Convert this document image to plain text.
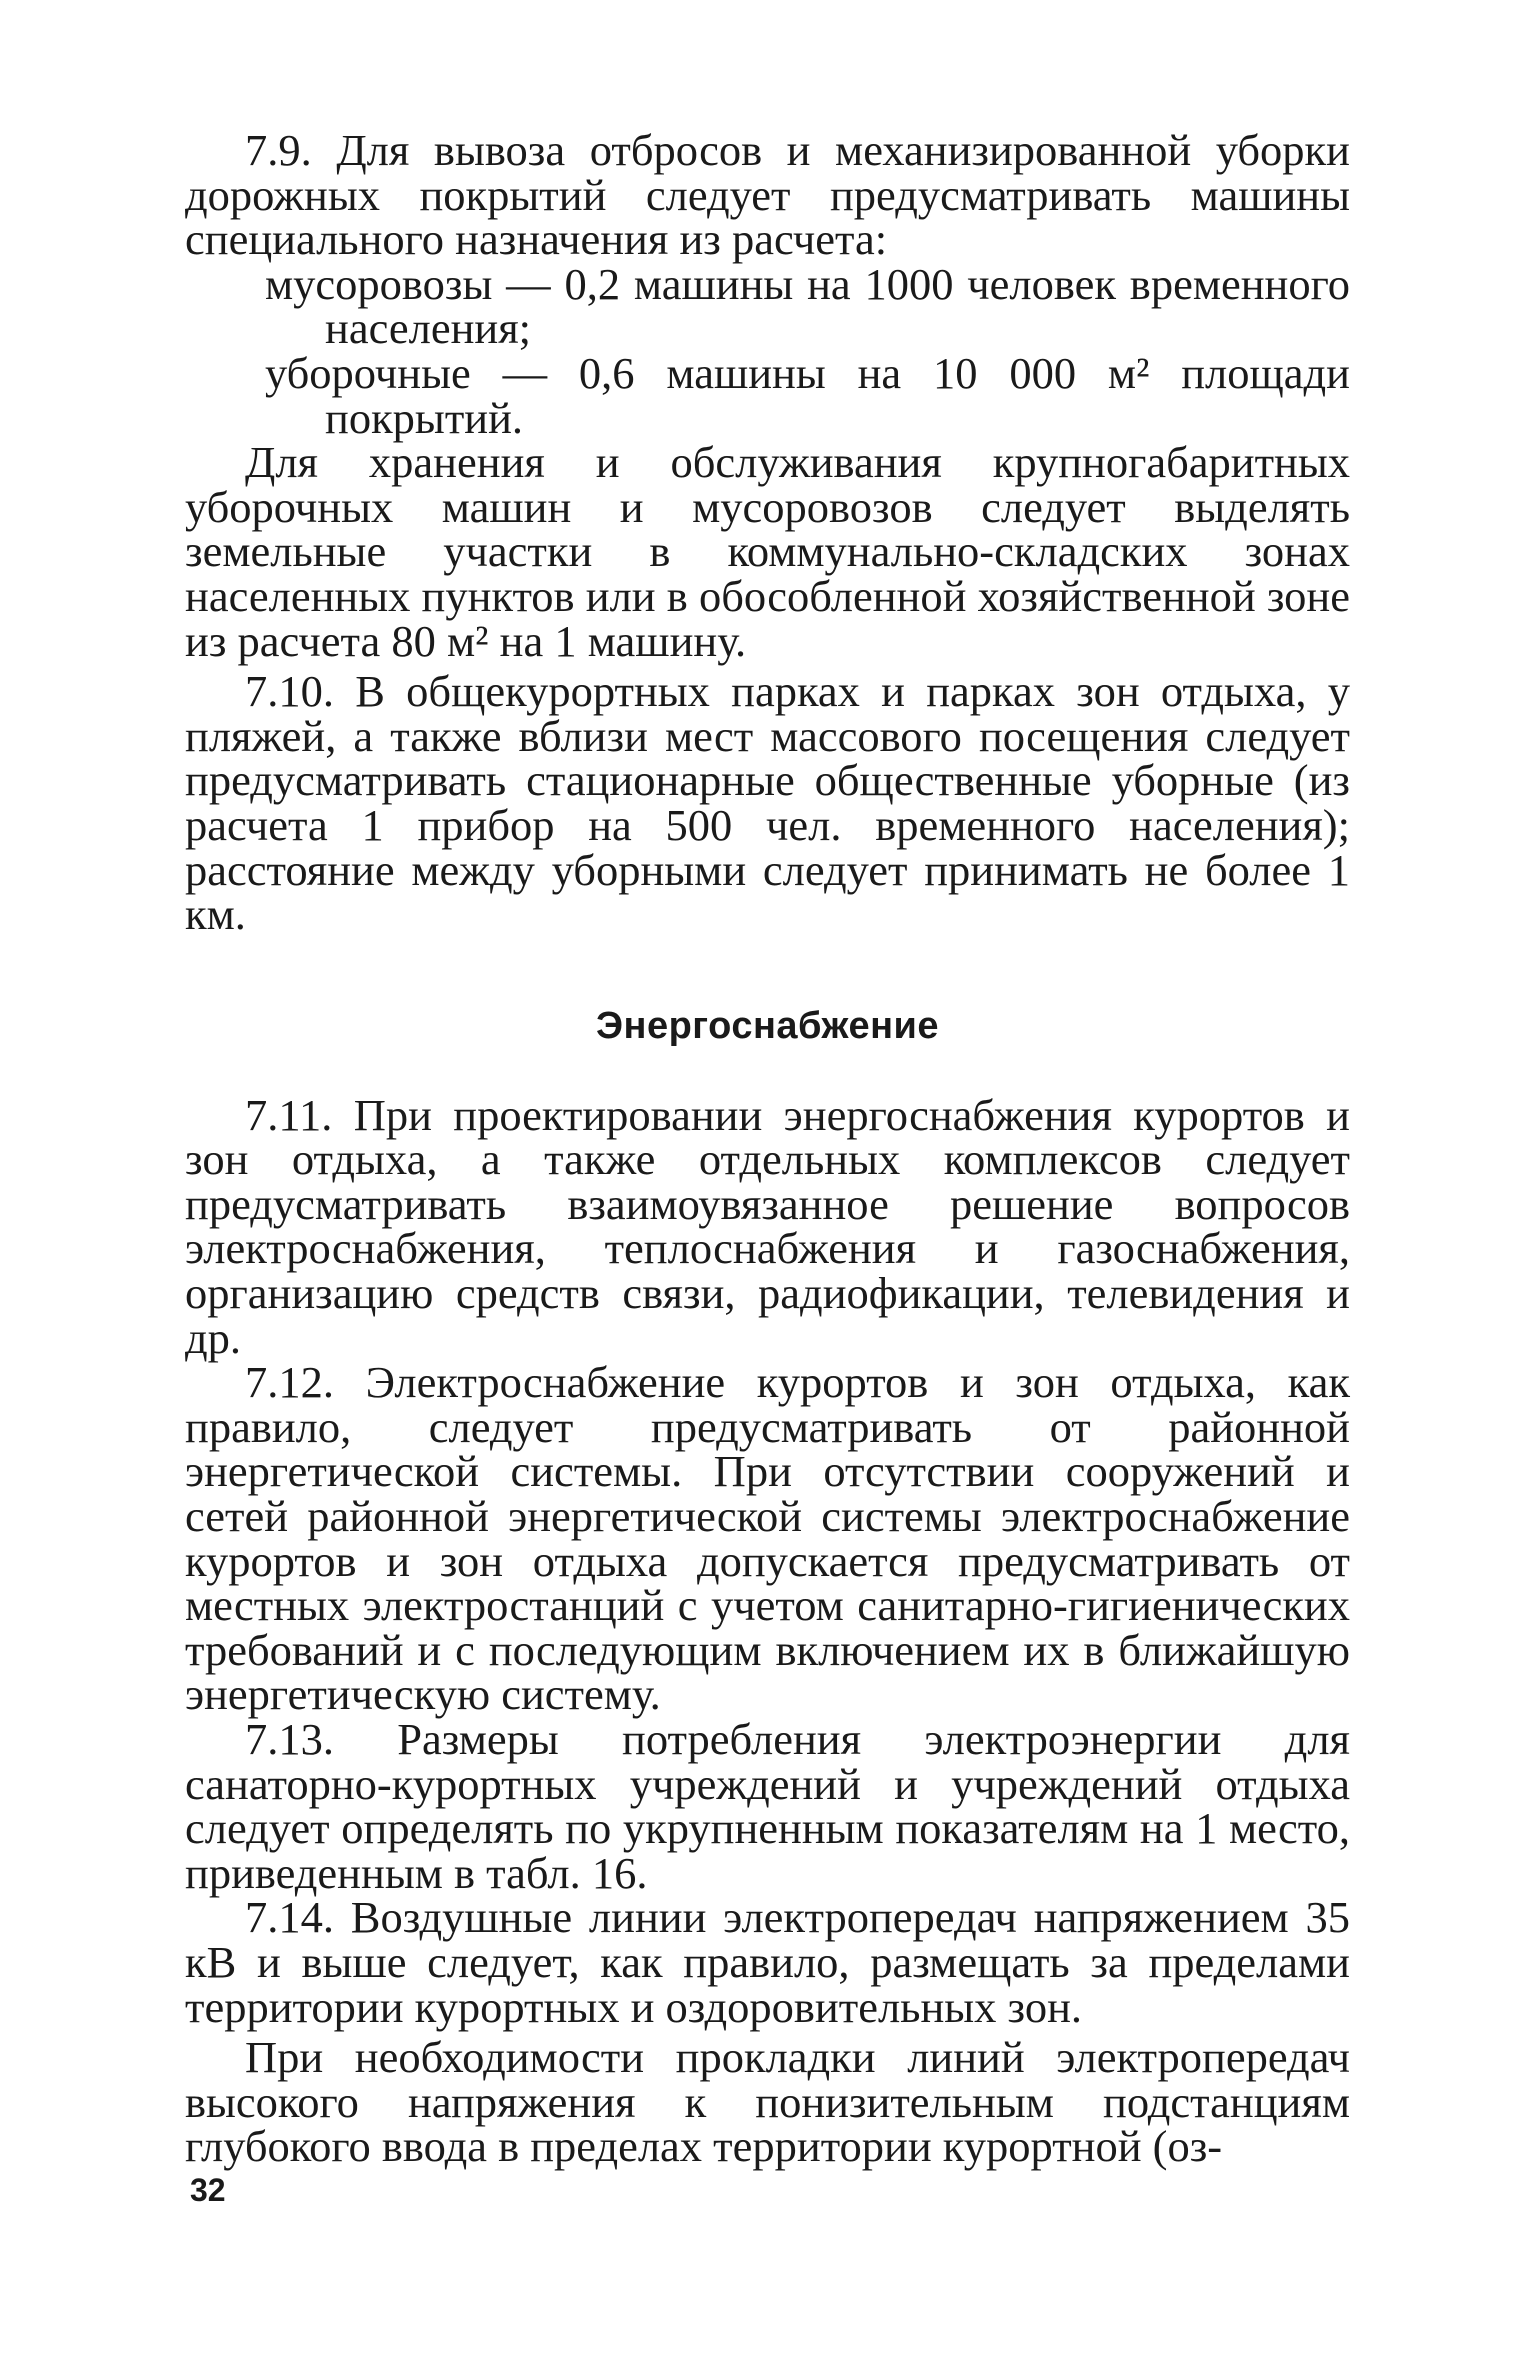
7.9. Для вывоза отбросов и механизированной уборки дорожных покрытий следует предусматривать машины специального назначения из расчета:

мусоровозы — 0,2 машины на 1000 человек временного населения;

уборочные — 0,6 машины на 10 000 м² площади покрытий.

Для хранения и обслуживания крупногабаритных уборочных машин и мусоровозов следует выделять земельные участки в коммунально-складских зонах населенных пунктов или в обособленной хозяйственной зоне из расчета 80 м² на 1 машину.

7.10. В общекурортных парках и парках зон отдыха, у пляжей, а также вблизи мест массового посещения следует предусматривать стационарные общественные уборные (из расчета 1 прибор на 500 чел. временного населения); расстояние между уборными следует принимать не более 1 км.

Энергоснабжение

7.11. При проектировании энергоснабжения курортов и зон отдыха, а также отдельных комплексов следует предусматривать взаимоувязанное решение вопросов электроснабжения, теплоснабжения и газоснабжения, организацию средств связи, радиофикации, телевидения и др.

7.12. Электроснабжение курортов и зон отдыха, как правило, следует предусматривать от районной энергетической системы. При отсутствии сооружений и сетей районной энергетической системы электроснабжение курортов и зон отдыха допускается предусматривать от местных электростанций с учетом санитарно-гигиенических требований и с последующим включением их в ближайшую энергетическую систему.

7.13. Размеры потребления электроэнергии для санаторно-курортных учреждений и учреждений отдыха следует определять по укрупненным показателям на 1 место, приведенным в табл. 16.

7.14. Воздушные линии электропередач напряжением 35 кВ и выше следует, как правило, размещать за пределами территории курортных и оздоровительных зон.

При необходимости прокладки линий электропередач высокого напряжения к понизительным подстанциям глубокого ввода в пределах территории курортной (оз-

32
